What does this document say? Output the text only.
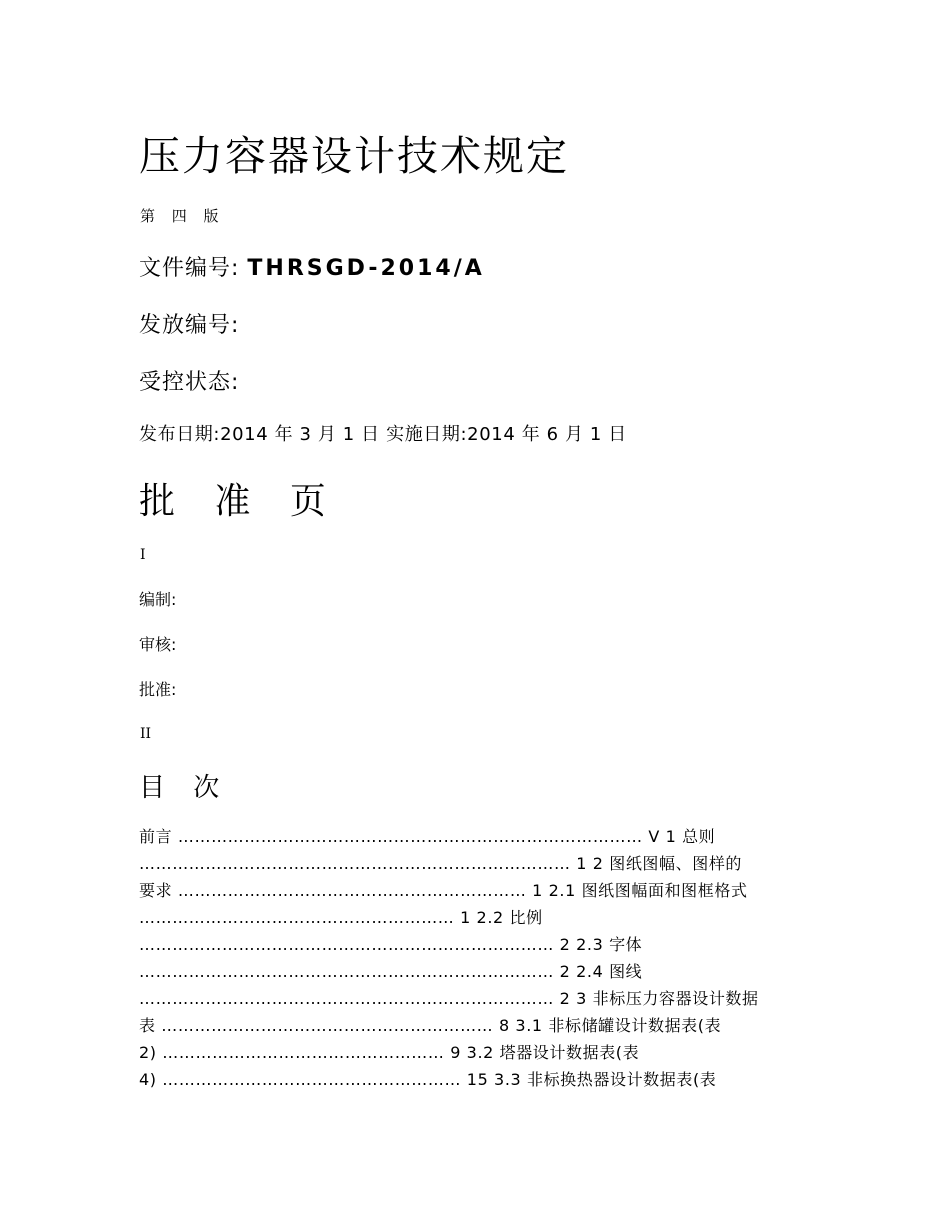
压力容器设计技术规定
第 四 版
文件编号: THRSGD-2014/A
发放编号:
受控状态:
发布日期:2014 年 3 月 1 日 实施日期:2014 年 6 月 1 日
批 准 页
I
编制:
审核:
批准:
II
目 次
前言 ………………………………………………………………………… V 1 总则
…………………………………………………………………… 1 2 图纸图幅、图样的
要求 ……………………………………………………… 1 2.1 图纸图幅面和图框格式
………………………………………………… 1 2.2 比例
………………………………………………………………… 2 2.3 字体
………………………………………………………………… 2 2.4 图线
………………………………………………………………… 2 3 非标压力容器设计数据
表 …………………………………………………… 8 3.1 非标储罐设计数据表(表
2) …………………………………………… 9 3.2 塔器设计数据表(表
4) ……………………………………………… 15 3.3 非标换热器设计数据表(表
